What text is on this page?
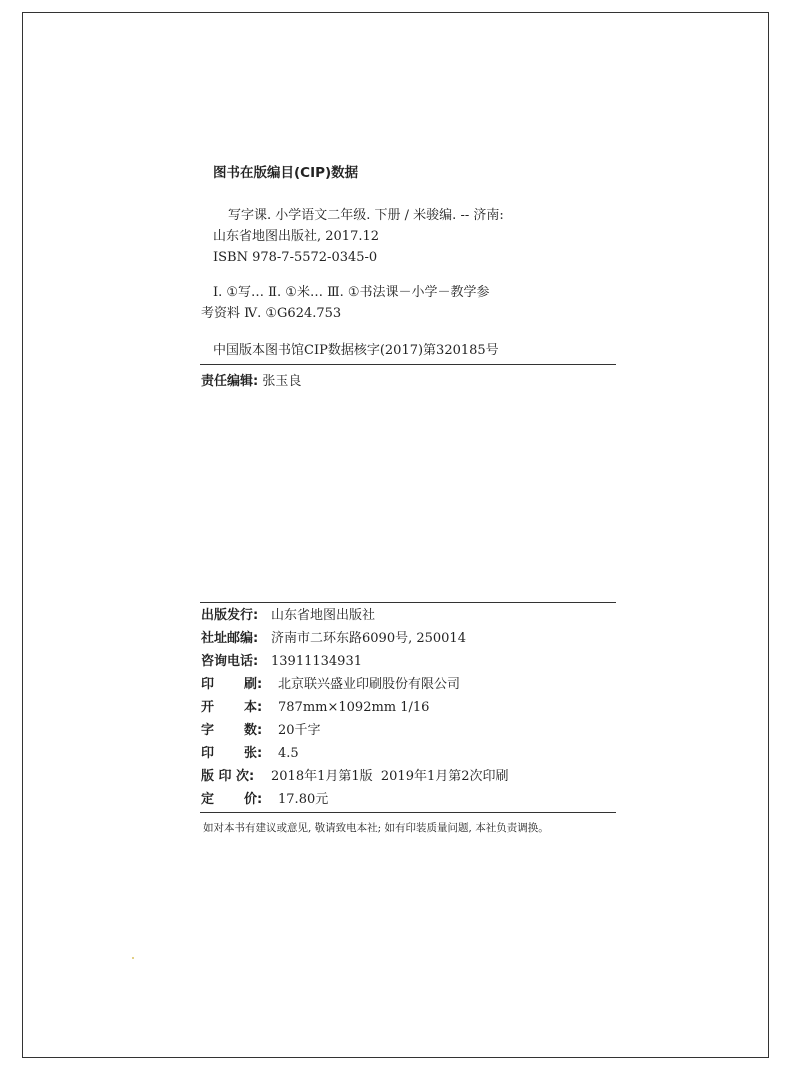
图书在版编目(CIP)数据
写字课. 小学语文二年级. 下册 / 米骏编. -- 济南:
山东省地图出版社, 2017.12
ISBN 978-7-5572-0345-0
Ⅰ. ①写… Ⅱ. ①米… Ⅲ. ①书法课－小学－教学参
考资料 Ⅳ. ①G624.753
中国版本图书馆CIP数据核字(2017)第320185号
责任编辑: 张玉良
出版发行: 山东省地图出版社
社址邮编: 济南市二环东路6090号, 250014
咨询电话: 13911134931
印 刷: 北京联兴盛业印刷股份有限公司
开 本: 787mm×1092mm 1/16
字 数: 20千字
印 张: 4.5
版 印 次: 2018年1月第1版  2019年1月第2次印刷
定 价: 17.80元
如对本书有建议或意见, 敬请致电本社; 如有印装质量问题, 本社负责调换。
